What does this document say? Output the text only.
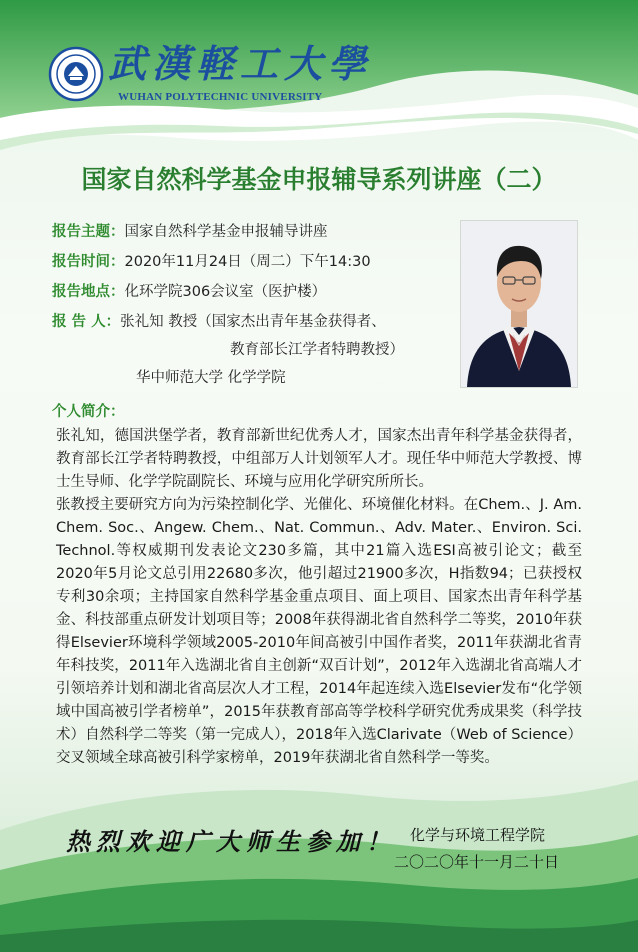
武漢軽工大學
WUHAN POLYTECHNIC UNIVERSITY
国家自然科学基金申报辅导系列讲座（二）
报告主题：国家自然科学基金申报辅导讲座
报告时间：2020年11月24日（周二）下午14:30
报告地点：化环学院306会议室（医护楼）
报 告 人：张礼知 教授（国家杰出青年基金获得者、
教育部长江学者特聘教授）
华中师范大学 化学学院
个人简介：

张礼知，德国洪堡学者，教育部新世纪优秀人才，国家杰出青年科学基金获得者，教育部长江学者特聘教授，中组部万人计划领军人才。现任华中师范大学教授、博士生导师、化学学院副院长、环境与应用化学研究所所长。

张教授主要研究方向为污染控制化学、光催化、环境催化材料。在Chem.、J. Am. Chem. Soc.、Angew. Chem.、Nat. Commun.、Adv. Mater.、Environ. Sci. Technol.等权威期刊发表论文230多篇，其中21篇入选ESI高被引论文；截至2020年5月论文总引用22680多次，他引超过21900多次，H指数94；已获授权专利30余项；主持国家自然科学基金重点项目、面上项目、国家杰出青年科学基金、科技部重点研发计划项目等；2008年获得湖北省自然科学二等奖，2010年获得Elsevier环境科学领域2005-2010年间高被引中国作者奖，2011年获湖北省青年科技奖，2011年入选湖北省自主创新“双百计划”，2012年入选湖北省高端人才引领培养计划和湖北省高层次人才工程，2014年起连续入选Elsevier发布“化学领域中国高被引学者榜单”，2015年获教育部高等学校科学研究优秀成果奖（科学技术）自然科学二等奖（第一完成人），2018年入选Clarivate（Web of Science）交叉领域全球高被引科学家榜单，2019年获湖北省自然科学一等奖。

热烈欢迎广大师生参加！ 化学与环境工程学院
二〇二〇年十一月二十日
